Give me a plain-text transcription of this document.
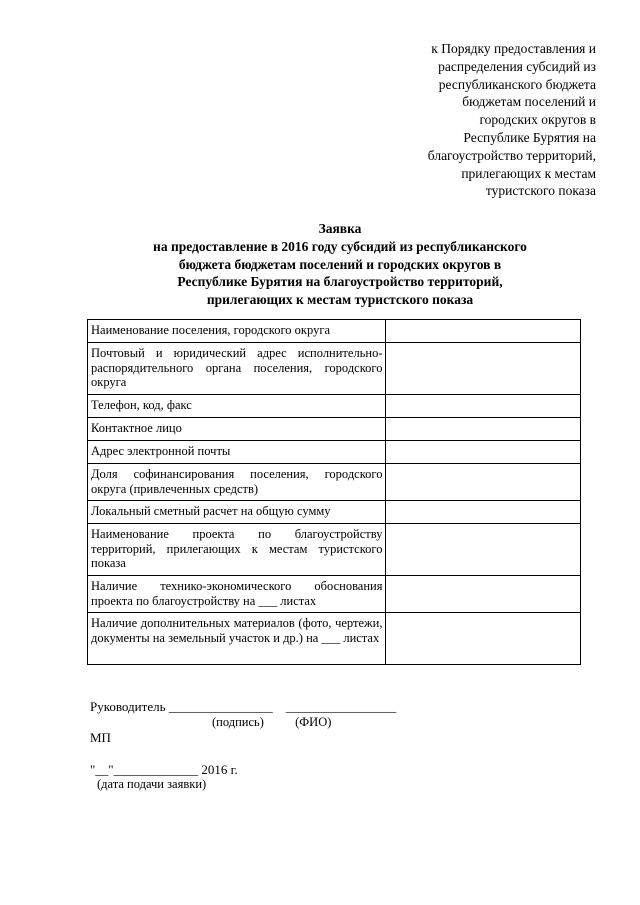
к Порядку предоставления и
распределения субсидий из
республиканского бюджета
бюджетам поселений и
городских округов в
Республике Бурятия на
благоустройство территорий,
прилегающих к местам
туристского показа
Заявка
на предоставление в 2016 году субсидий из республиканского
бюджета бюджетам поселений и городских округов в
Республике Бурятия на благоустройство территорий,
прилегающих к местам туристского показа
Наименование поселения, городского округа	
Почтовый и юридический адрес исполнительно-распорядительного органа поселения, городского округа	
Телефон, код, факс	
Контактное лицо	
Адрес электронной почты	
Доля софинансирования поселения, городского округа (привлеченных средств)	
Локальный сметный расчет на общую сумму	
Наименование проекта по благоустройству территорий, прилегающих к местам туристского показа	
Наличие технико-экономического обоснования проекта по благоустройству на ___ листах	
Наличие дополнительных материалов (фото, чертежи, документы на земельный участок и др.) на ___ листах	
Руководитель ________________    _________________
(подпись)          (ФИО)
МП
"__"_____________ 2016 г.
(дата подачи заявки)
